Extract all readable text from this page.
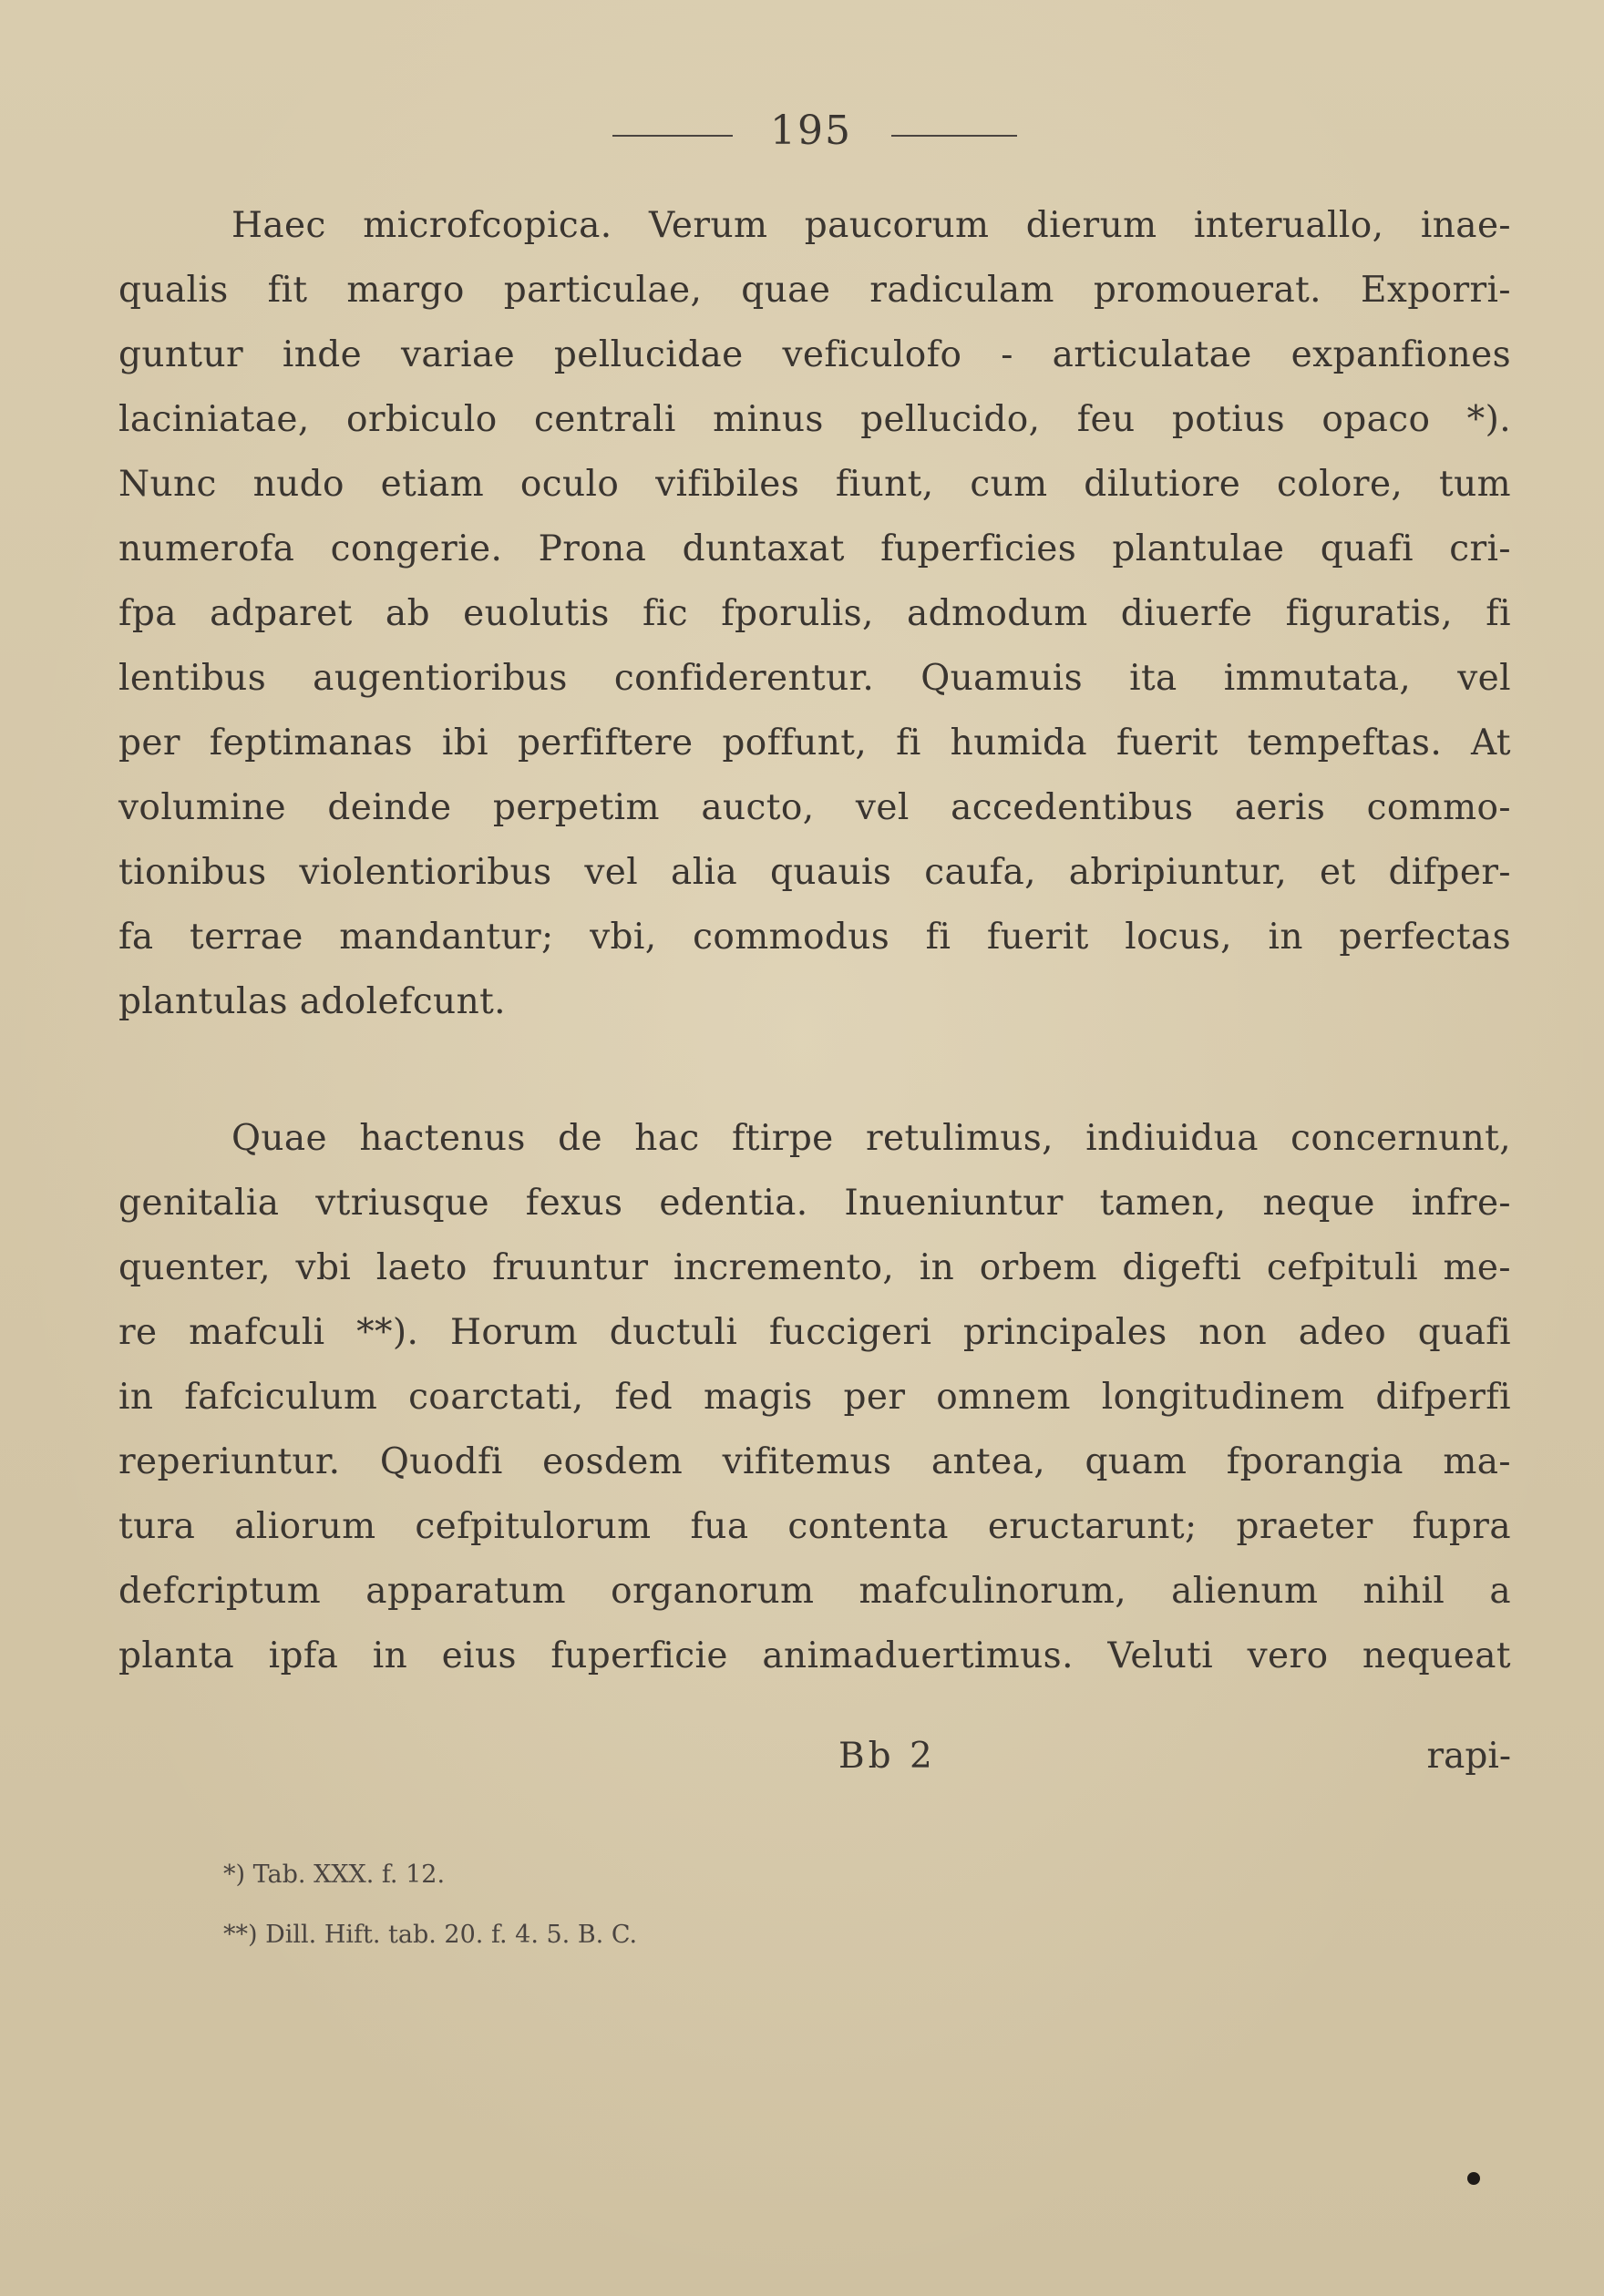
195
Haec microfcopica. Verum paucorum dierum interuallo, inae-
qualis fit margo particulae, quae radiculam promouerat. Exporri-
guntur inde variae pellucidae veficulofo - articulatae expanfiones
laciniatae, orbiculo centrali minus pellucido, feu potius opaco *).
Nunc nudo etiam oculo vifibiles fiunt, cum dilutiore colore, tum
numerofa congerie. Prona duntaxat fuperficies plantulae quafi cri-
fpa adparet ab euolutis fic fporulis, admodum diuerfe figuratis, fi
lentibus augentioribus confiderentur. Quamuis ita immutata, vel
per feptimanas ibi perfiftere poffunt, fi humida fuerit tempeftas. At
volumine deinde perpetim aucto, vel accedentibus aeris commo-
tionibus violentioribus vel alia quauis caufa, abripiuntur, et difper-
fa terrae mandantur; vbi, commodus fi fuerit locus, in perfectas
plantulas adolefcunt.
Quae hactenus de hac ftirpe retulimus, indiuidua concernunt,
genitalia vtriusque fexus edentia. Inueniuntur tamen, neque infre-
quenter, vbi laeto fruuntur incremento, in orbem digefti cefpituli me-
re mafculi **). Horum ductuli fuccigeri principales non adeo quafi
in fafciculum coarctati, fed magis per omnem longitudinem difperfi
reperiuntur. Quodfi eosdem vifitemus antea, quam fporangia ma-
tura aliorum cefpitulorum fua contenta eructarunt; praeter fupra
defcriptum apparatum organorum mafculinorum, alienum nihil a
planta ipfa in eius fuperficie animaduertimus. Veluti vero nequeat
Bb 2	rapi-
*) Tab. XXX. f. 12.
**) Dill. Hift. tab. 20. f. 4. 5. B. C.
